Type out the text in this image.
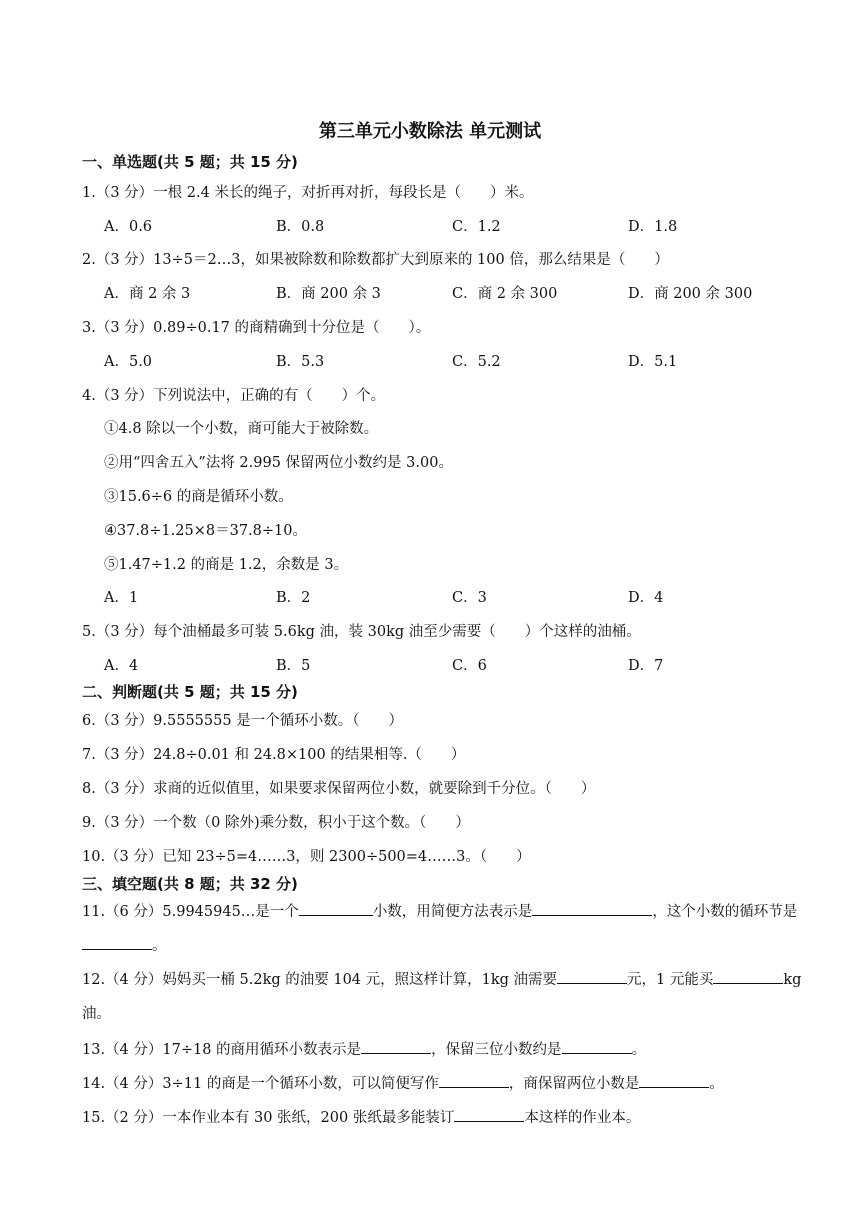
第三单元小数除法 单元测试
一、单选题(共 5 题；共 15 分)
1.（3 分）一根 2.4 米长的绳子，对折再对折，每段长是（　　）米。
A．0.6	B．0.8	C．1.2	D．1.8
2.（3 分）13÷5＝2…3，如果被除数和除数都扩大到原来的 100 倍，那么结果是（　　）
A．商 2 余 3	B．商 200 余 3	C．商 2 余 300	D．商 200 余 300
3.（3 分）0.89÷0.17 的商精确到十分位是（　　）。
A．5.0	B．5.3	C．5.2	D．5.1
4.（3 分）下列说法中，正确的有（　　）个。
①4.8 除以一个小数，商可能大于被除数。
②用“四舍五入”法将 2.995 保留两位小数约是 3.00。
③15.6÷6 的商是循环小数。
④37.8÷1.25×8＝37.8÷10。
⑤1.47÷1.2 的商是 1.2，余数是 3。
A．1	B．2	C．3	D．4
5.（3 分）每个油桶最多可装 5.6kg 油，装 30kg 油至少需要（　　）个这样的油桶。
A．4	B．5	C．6	D．7
二、判断题(共 5 题；共 15 分)
6.（3 分）9.5555555 是一个循环小数。（　　）
7.（3 分）24.8÷0.01 和 24.8×100 的结果相等.（　　）
8.（3 分）求商的近似值里，如果要求保留两位小数，就要除到千分位。（　　）
9.（3 分）一个数（0 除外)乘分数，积小于这个数。（　　）
10.（3 分）已知 23÷5=4……3，则 2300÷500=4……3。（　　）
三、填空题(共 8 题；共 32 分)
11.（6 分）5.9945945…是一个	小数，用简便方法表示是	，这个小数的循环节是。
12.（4 分）妈妈买一桶 5.2kg 的油要 104 元，照这样计算，1kg 油需要	元，1 元能买	kg 油。
13.（4 分）17÷18 的商用循环小数表示是	，保留三位小数约是	。
14.（4 分）3÷11 的商是一个循环小数，可以简便写作	，商保留两位小数是	。
15.（2 分）一本作业本有 30 张纸，200 张纸最多能装订	本这样的作业本。
